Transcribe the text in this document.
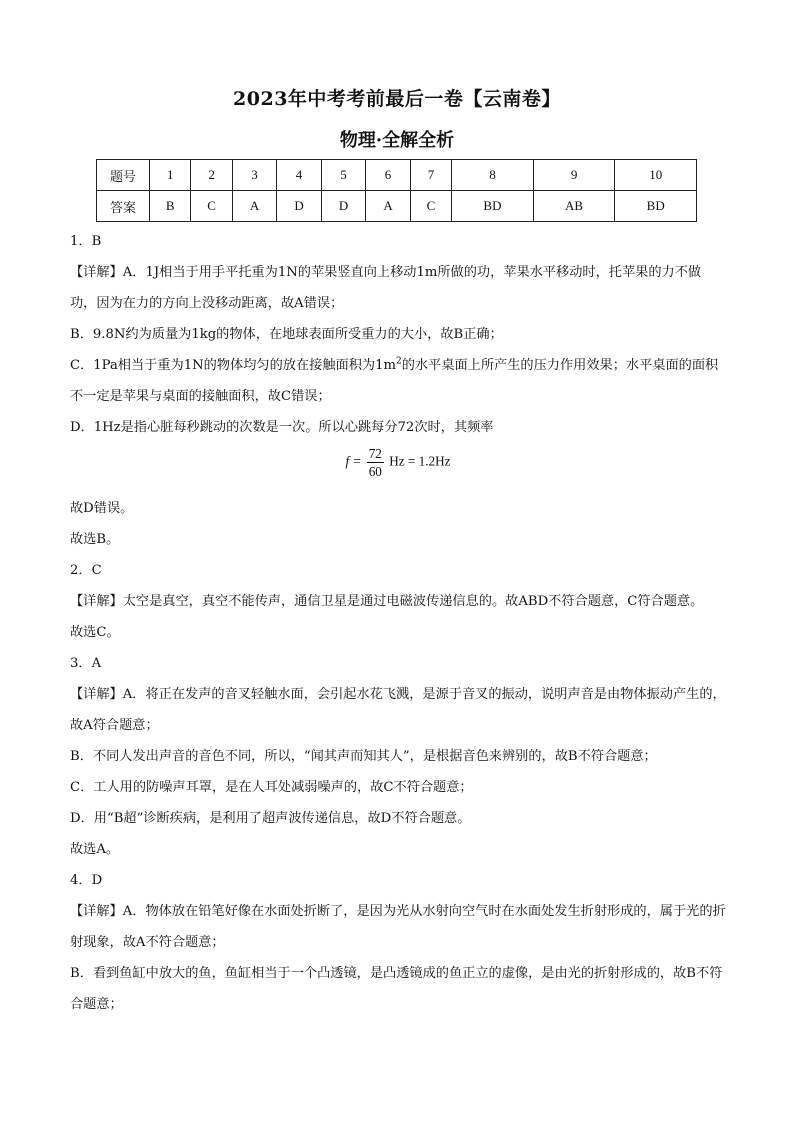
2023年中考考前最后一卷【云南卷】
物理·全解全析
题号	1	2	3	4	5	6	7	8	9	10
答案	B	C	A	D	D	A	C	BD	AB	BD

1．B

【详解】A．1J相当于用手平托重为1N的苹果竖直向上移动1m所做的功，苹果水平移动时，托苹果的力不做功，因为在力的方向上没移动距离，故A错误；

B．9.8N约为质量为1kg的物体，在地球表面所受重力的大小，故B正确；

C．1Pa相当于重为1N的物体均匀的放在接触面积为$1m^2$的水平桌面上所产生的压力作用效果；水平桌面的面积不一定是苹果与桌面的接触面积，故C错误；

D．1Hz是指心脏每秒跳动的次数是一次。所以心跳每分72次时，其频率

$f = \frac{72}{60}$ Hz = 1.2Hz

故D错误。

故选B。

2．C

【详解】太空是真空，真空不能传声，通信卫星是通过电磁波传递信息的。故ABD不符合题意，C符合题意。

故选C。

3．A

【详解】A．将正在发声的音叉轻触水面，会引起水花飞溅，是源于音叉的振动，说明声音是由物体振动产生的，故A符合题意；

B．不同人发出声音的音色不同，所以，“闻其声而知其人”，是根据音色来辨别的，故B不符合题意；

C．工人用的防噪声耳罩，是在人耳处减弱噪声的，故C不符合题意；

D．用“B超”诊断疾病，是利用了超声波传递信息，故D不符合题意。

故选A。

4．D

【详解】A．物体放在铅笔好像在水面处折断了，是因为光从水射向空气时在水面处发生折射形成的，属于光的折射现象，故A不符合题意；

B．看到鱼缸中放大的鱼，鱼缸相当于一个凸透镜，是凸透镜成的鱼正立的虚像，是由光的折射形成的，故B不符合题意；
